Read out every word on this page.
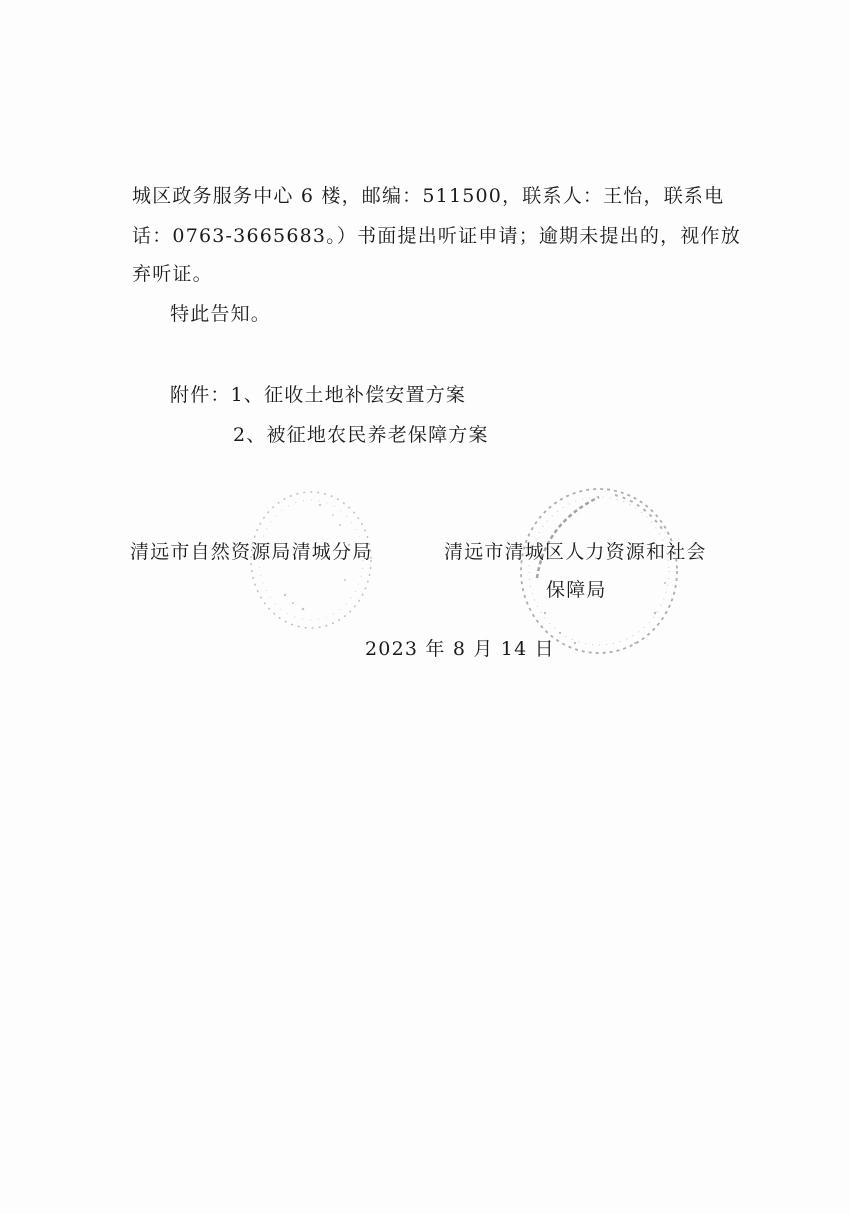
城区政务服务中心 6 楼，邮编：511500，联系人：王怡，联系电
话：0763-3665683。）书面提出听证申请；逾期未提出的，视作放
弃听证。
特此告知。
附件：1、征收土地补偿安置方案
2、被征地农民养老保障方案
清远市自然资源局清城分局	清远市清城区人力资源和社会
保障局
2023 年 8 月 14 日
